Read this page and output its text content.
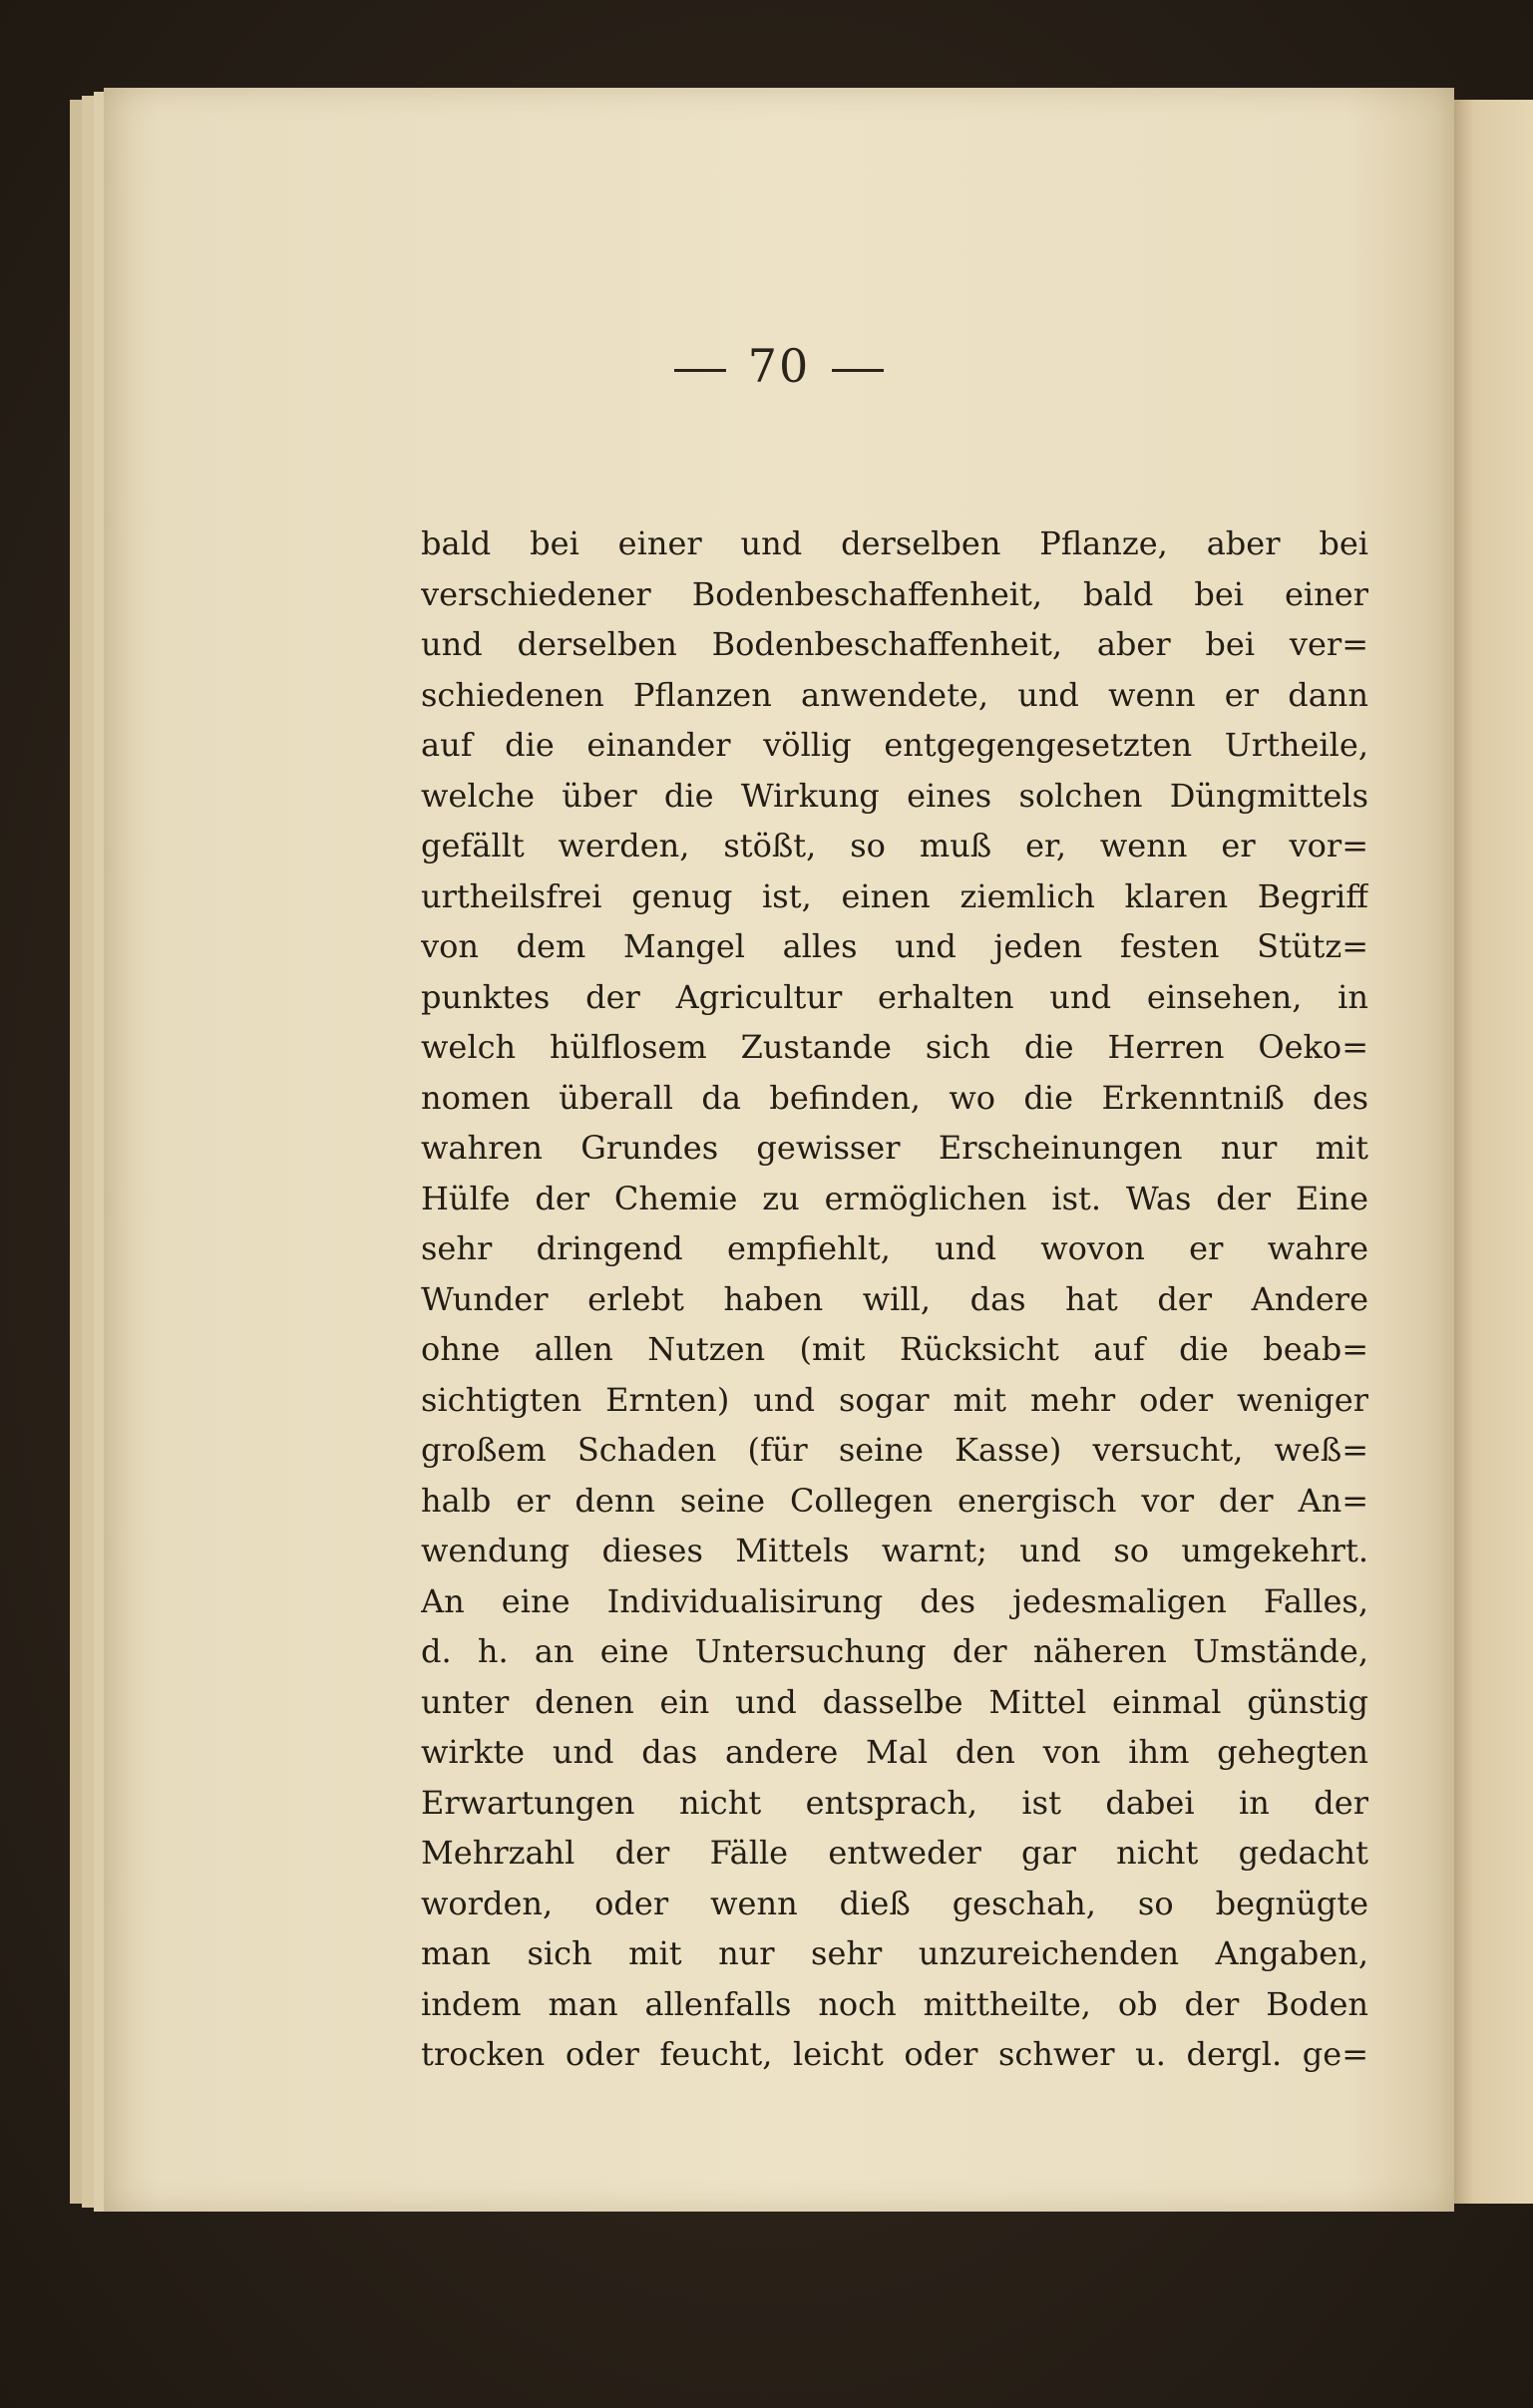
70
bald bei einer und derselben Pflanze, aber bei
verschiedener Bodenbeschaffenheit, bald bei einer
und derselben Bodenbeschaffenheit, aber bei ver=
schiedenen Pflanzen anwendete, und wenn er dann
auf die einander völlig entgegengesetzten Urtheile,
welche über die Wirkung eines solchen Düngmittels
gefällt werden, stößt, so muß er, wenn er vor=
urtheilsfrei genug ist, einen ziemlich klaren Begriff
von dem Mangel alles und jeden festen Stütz=
punktes der Agricultur erhalten und einsehen, in
welch hülflosem Zustande sich die Herren Oeko=
nomen überall da befinden, wo die Erkenntniß des
wahren Grundes gewisser Erscheinungen nur mit
Hülfe der Chemie zu ermöglichen ist. Was der Eine
sehr dringend empfiehlt, und wovon er wahre
Wunder erlebt haben will, das hat der Andere
ohne allen Nutzen (mit Rücksicht auf die beab=
sichtigten Ernten) und sogar mit mehr oder weniger
großem Schaden (für seine Kasse) versucht, weß=
halb er denn seine Collegen energisch vor der An=
wendung dieses Mittels warnt; und so umgekehrt.
An eine Individualisirung des jedesmaligen Falles,
d. h. an eine Untersuchung der näheren Umstände,
unter denen ein und dasselbe Mittel einmal günstig
wirkte und das andere Mal den von ihm gehegten
Erwartungen nicht entsprach, ist dabei in der
Mehrzahl der Fälle entweder gar nicht gedacht
worden, oder wenn dieß geschah, so begnügte
man sich mit nur sehr unzureichenden Angaben,
indem man allenfalls noch mittheilte, ob der Boden
trocken oder feucht, leicht oder schwer u. dergl. ge=
